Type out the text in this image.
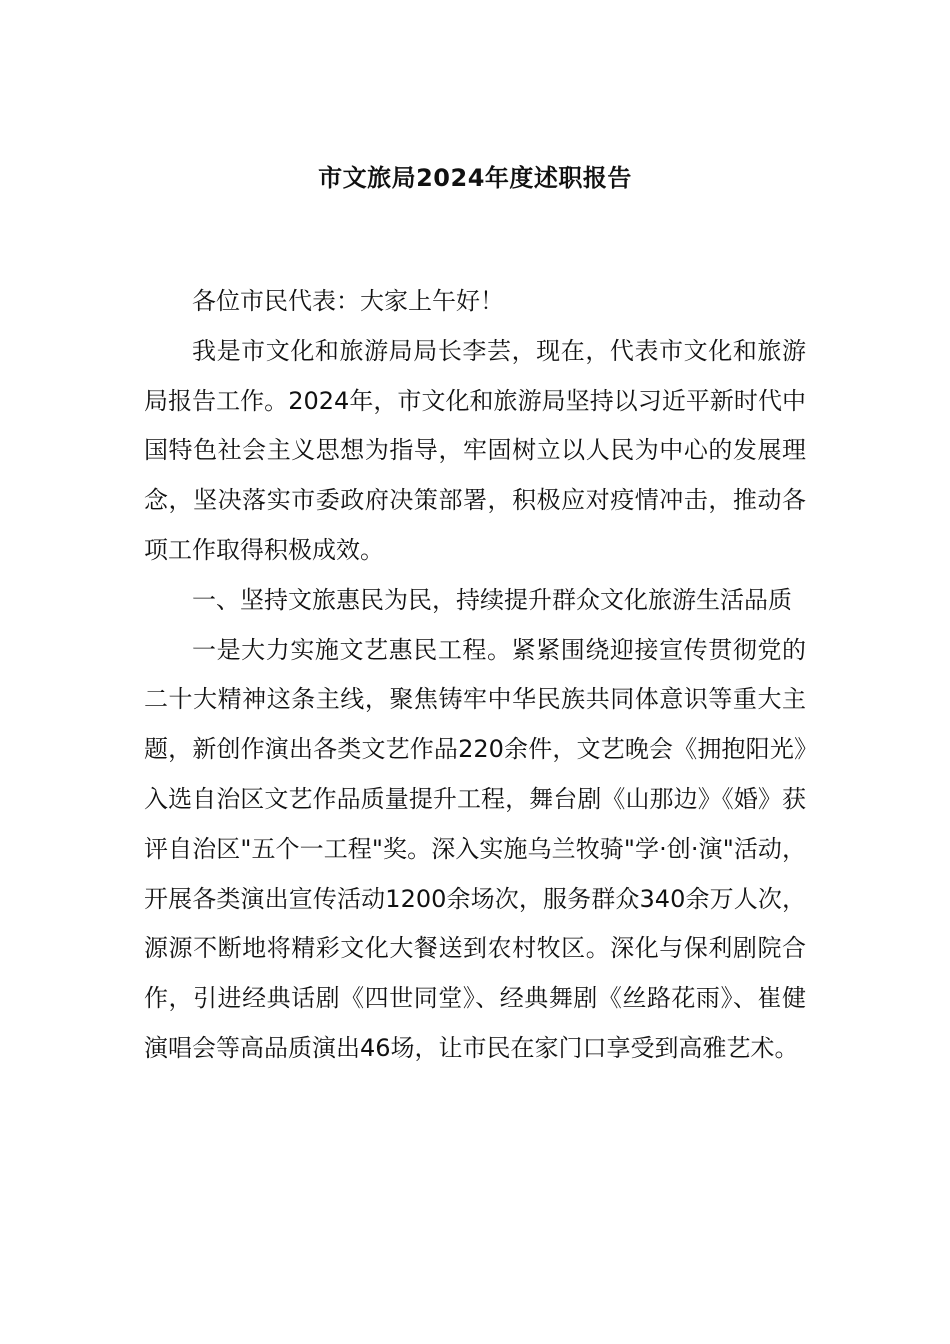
市文旅局2024年度述职报告

各位市民代表：大家上午好！

我是市文化和旅游局局长李芸，现在，代表市文化和旅游局报告工作。2024年，市文化和旅游局坚持以习近平新时代中国特色社会主义思想为指导，牢固树立以人民为中心的发展理念，坚决落实市委政府决策部署，积极应对疫情冲击，推动各项工作取得积极成效。

一、坚持文旅惠民为民，持续提升群众文化旅游生活品质

一是大力实施文艺惠民工程。紧紧围绕迎接宣传贯彻党的二十大精神这条主线，聚焦铸牢中华民族共同体意识等重大主题，新创作演出各类文艺作品220余件，文艺晚会《拥抱阳光》入选自治区文艺作品质量提升工程，舞台剧《山那边》《婚》获评自治区"五个一工程"奖。深入实施乌兰牧骑"学·创·演"活动，开展各类演出宣传活动1200余场次，服务群众340余万人次，源源不断地将精彩文化大餐送到农村牧区。深化与保利剧院合作，引进经典话剧《四世同堂》、经典舞剧《丝路花雨》、崔健演唱会等高品质演出46场，让市民在家门口享受到高雅艺术。
